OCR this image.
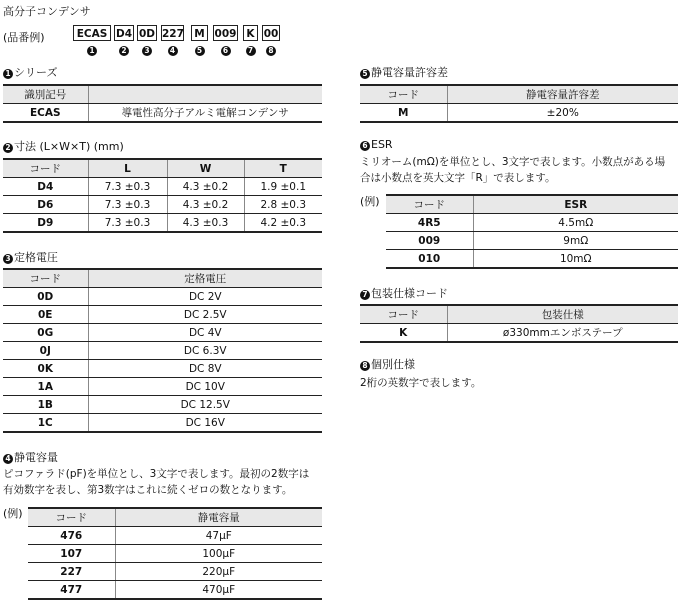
高分子コンデンサ
(品番例)	ECAS
1
D4
2
0D
3
227
4
M
5
009
6
K
7
00
8
1 シリーズ
識別記号	
ECAS	導電性高分子アルミ電解コンデンサ
2 寸法 (L×W×T) (mm)
コード	L	W	T
D4	7.3 ±0.3	4.3 ±0.2	1.9 ±0.1
D6	7.3 ±0.3	4.3 ±0.2	2.8 ±0.3
D9	7.3 ±0.3	4.3 ±0.3	4.2 ±0.3
3 定格電圧
コード	定格電圧
0D	DC 2V
0E	DC 2.5V
0G	DC 4V
0J	DC 6.3V
0K	DC 8V
1A	DC 10V
1B	DC 12.5V
1C	DC 16V
4 静電容量
ピコファラド(pF)を単位とし、3文字で表します。最初の2数字は
有効数字を表し、第3数字はこれに続くゼロの数となります。
(例)	コード	静電容量
476	47μF
107	100μF
227	220μF
477	470μF
5 静電容量許容差
コード	静電容量許容差
M	±20%
6 ESR
ミリオーム(mΩ)を単位とし、3文字で表します。小数点がある場
合は小数点を英大文字「R」で表します。
(例)	コード	ESR
4R5	4.5mΩ
009	9mΩ
010	10mΩ
7 包装仕様コード
コード	包装仕様
K	ø330mmエンボステープ
8 個別仕様
2桁の英数字で表します。
